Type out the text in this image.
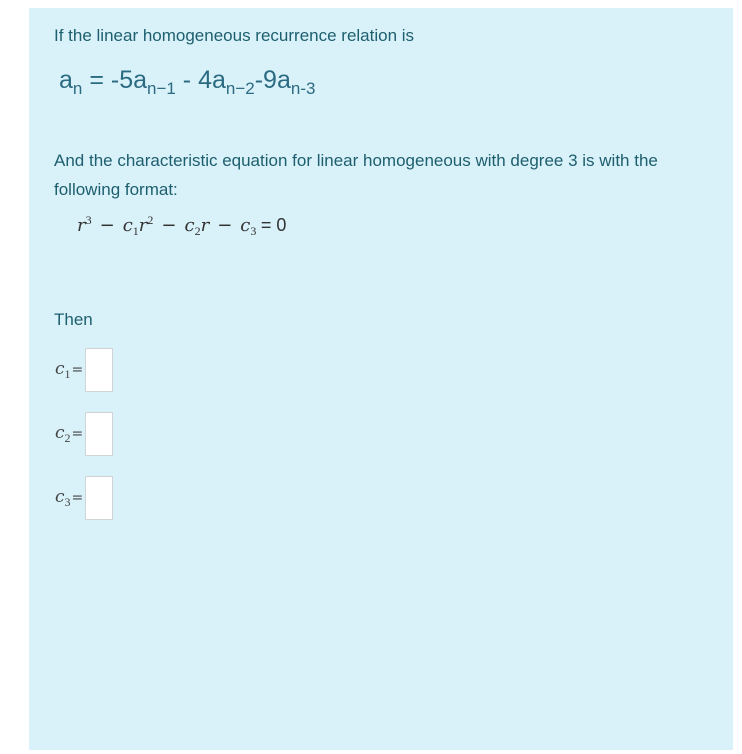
If the linear homogeneous recurrence relation is
$a_n = -5a_{n-1} - 4a_{n-2}-9a_{n-3}$
And the characteristic equation for linear homogeneous with degree 3 is with the following format:
$r^3 - c_1r^2 - c_2r - c_3 = 0$
Then
$c_1=$
$c_2=$
$c_3=$
